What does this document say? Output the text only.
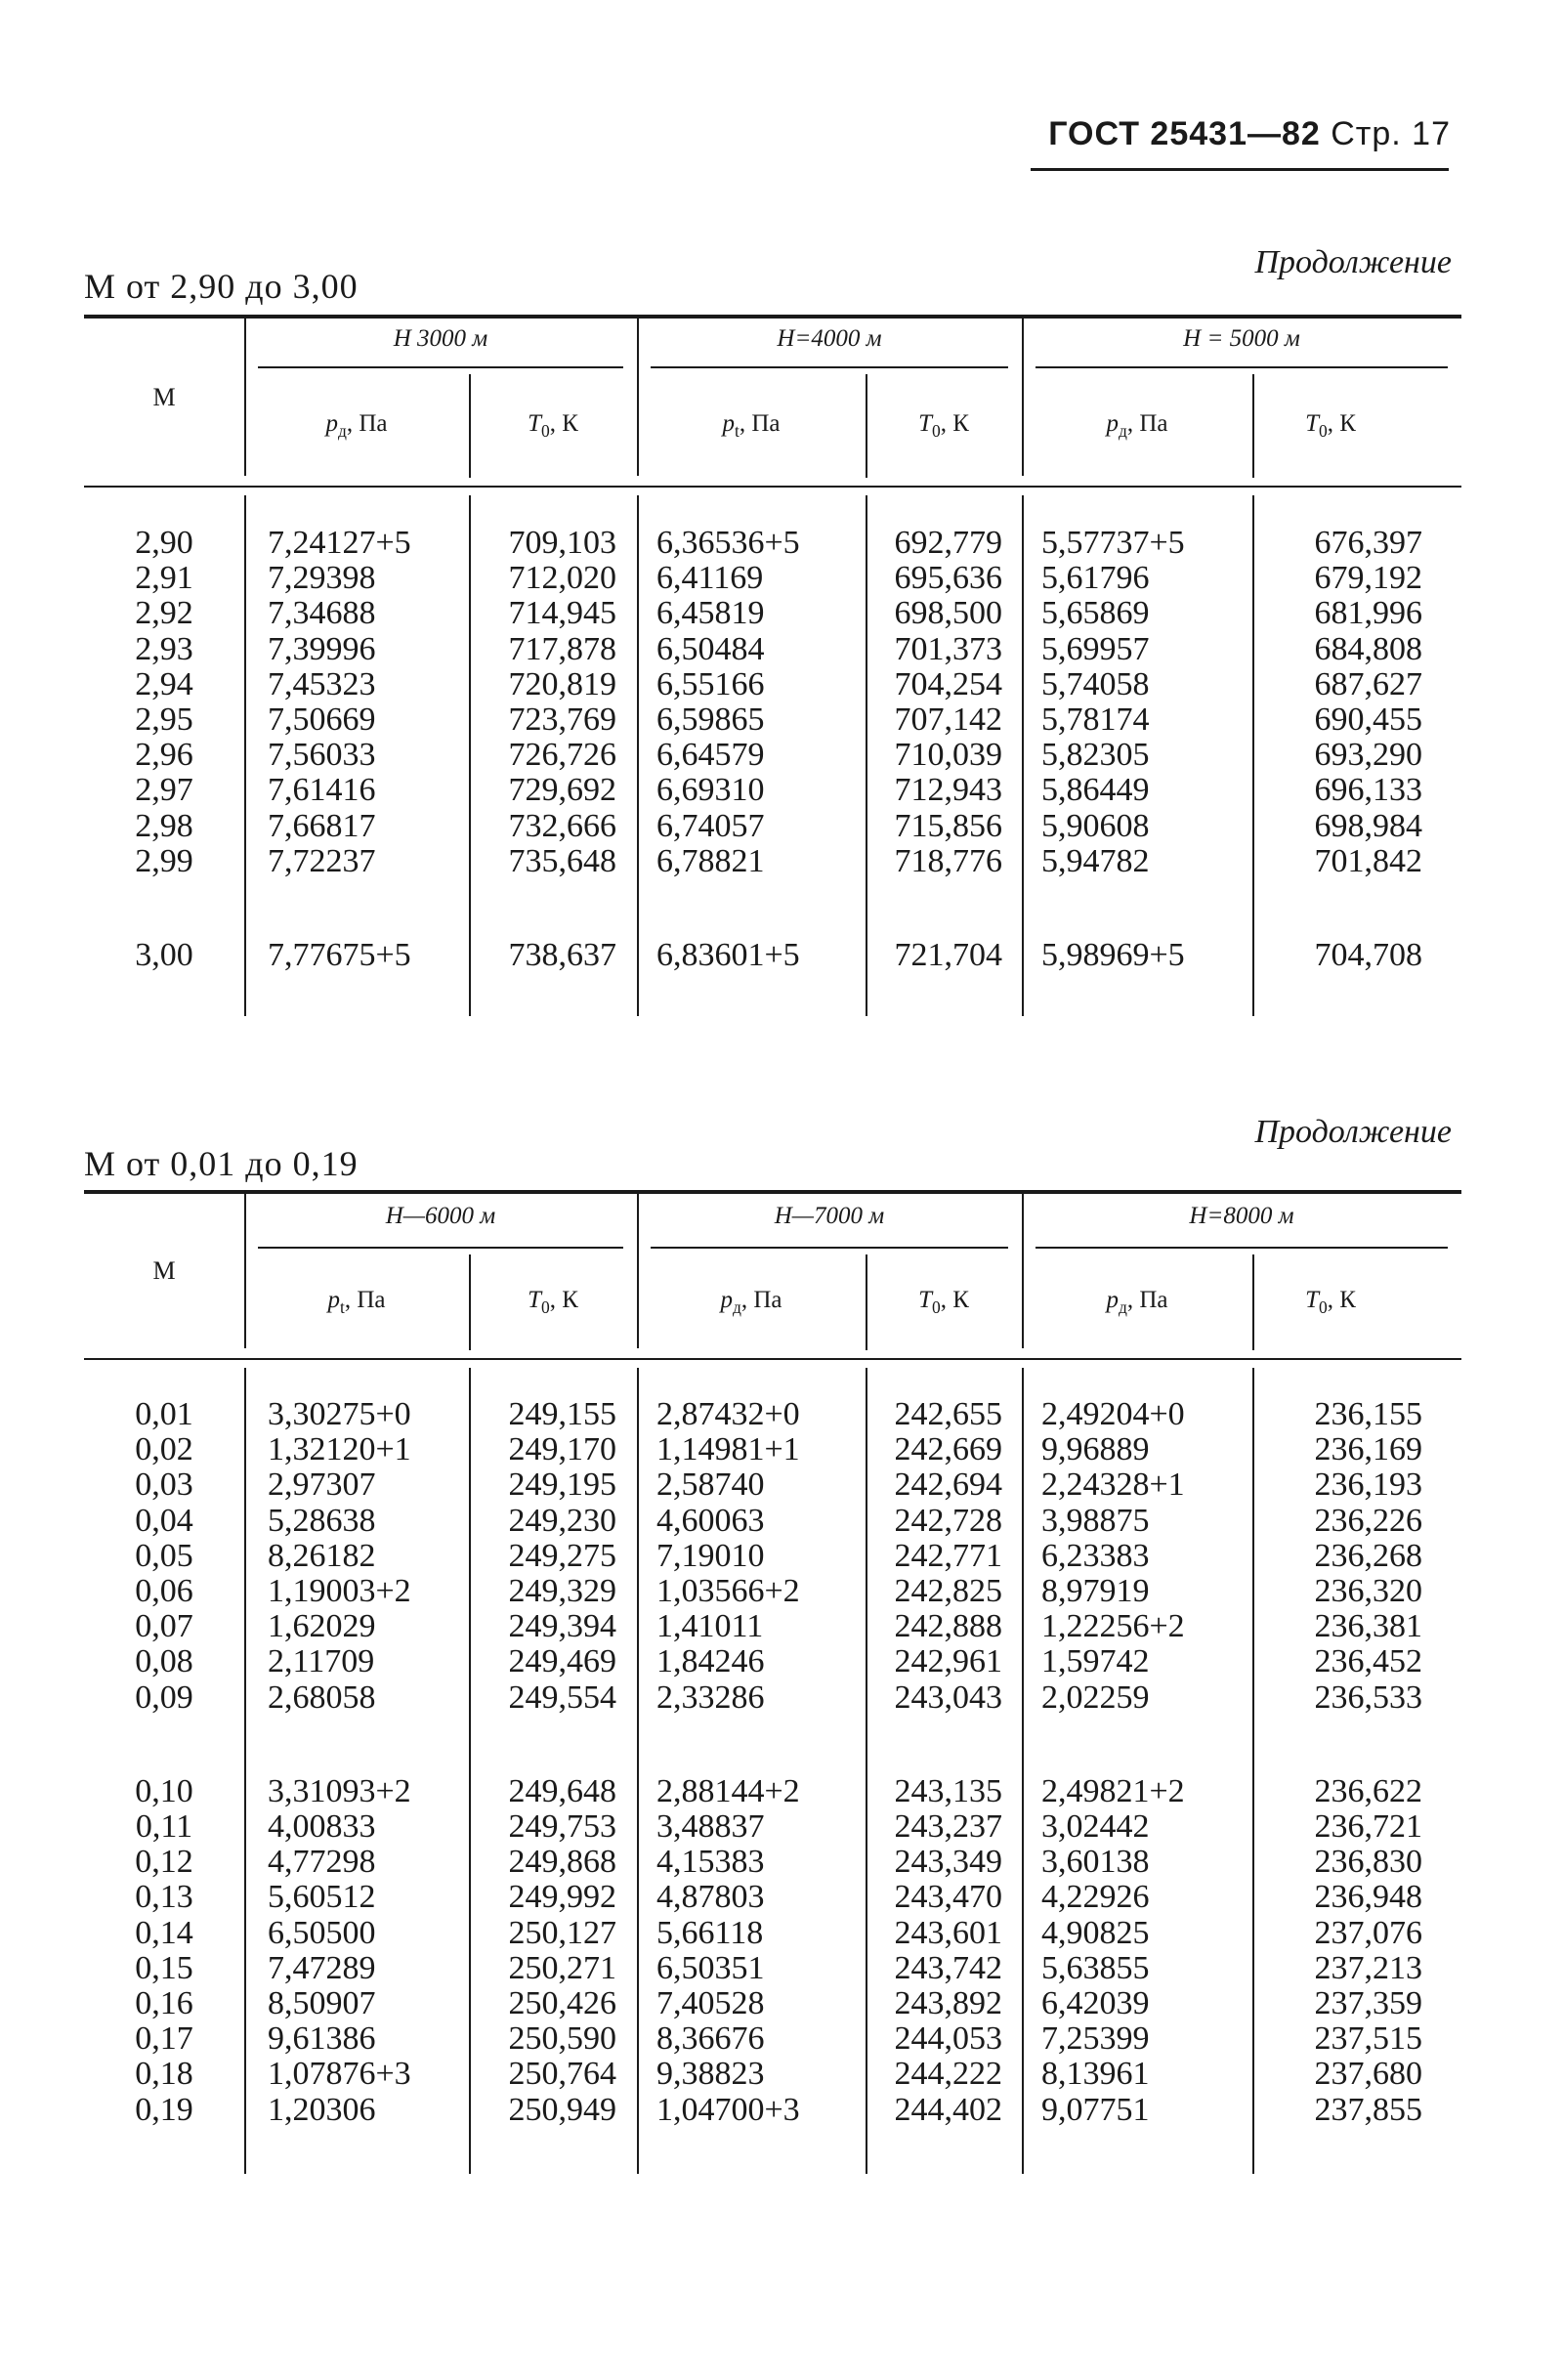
ГОСТ 25431—82 Стр. 17
Продолжение
М от 2,90 до 3,00
М
Н 3000 м
$p_д$, Па	$T_0$, К
Н=4000 м
$p_t$, Па	$T_0$, К
Н = 5000 м
$p_д$, Па	$T_0$, К
2,90	7,24127+5	709,103 6,36536+5	692,779 5,57737+5	676,397
2,91	7,29398	712,020 6,41169	695,636 5,61796	679,192
2,92	7,34688	714,945 6,45819	698,500 5,65869	681,996
2,93	7,39996	717,878 6,50484	701,373 5,69957	684,808
2,94	7,45323	720,819 6,55166	704,254 5,74058	687,627
2,95	7,50669	723,769 6,59865	707,142 5,78174	690,455
2,96	7,56033	726,726 6,64579	710,039 5,82305	693,290
2,97	7,61416	729,692 6,69310	712,943 5,86449	696,133
2,98	7,66817	732,666 6,74057	715,856 5,90608	698,984
2,99	7,72237	735,648 6,78821	718,776 5,94782	701,842
3,00	7,77675+5	738,637 6,83601+5	721,704 5,98969+5	704,708
Продолжение
М от 0,01 до 0,19
М
Н—6000 м
$p_t$, Па	$T_0$, К
Н—7000 м
$p_д$, Па	$T_0$, К
Н=8000 м
$p_д$, Па	$T_0$, К
0,01	3,30275+0	249,155 2,87432+0	242,655 2,49204+0	236,155
0,02	1,32120+1	249,170 1,14981+1	242,669 9,96889	236,169
0,03	2,97307	249,195 2,58740	242,694 2,24328+1	236,193
0,04	5,28638	249,230 4,60063	242,728 3,98875	236,226
0,05	8,26182	249,275 7,19010	242,771 6,23383	236,268
0,06	1,19003+2	249,329 1,03566+2	242,825 8,97919	236,320
0,07	1,62029	249,394 1,41011	242,888 1,22256+2	236,381
0,08	2,11709	249,469 1,84246	242,961 1,59742	236,452
0,09	2,68058	249,554 2,33286	243,043 2,02259	236,533
0,10	3,31093+2	249,648 2,88144+2	243,135 2,49821+2	236,622
0,11	4,00833	249,753 3,48837	243,237 3,02442	236,721
0,12	4,77298	249,868 4,15383	243,349 3,60138	236,830
0,13	5,60512	249,992 4,87803	243,470 4,22926	236,948
0,14	6,50500	250,127 5,66118	243,601 4,90825	237,076
0,15	7,47289	250,271 6,50351	243,742 5,63855	237,213
0,16	8,50907	250,426 7,40528	243,892 6,42039	237,359
0,17	9,61386	250,590 8,36676	244,053 7,25399	237,515
0,18	1,07876+3	250,764 9,38823	244,222 8,13961	237,680
0,19	1,20306	250,949 1,04700+3	244,402 9,07751	237,855
